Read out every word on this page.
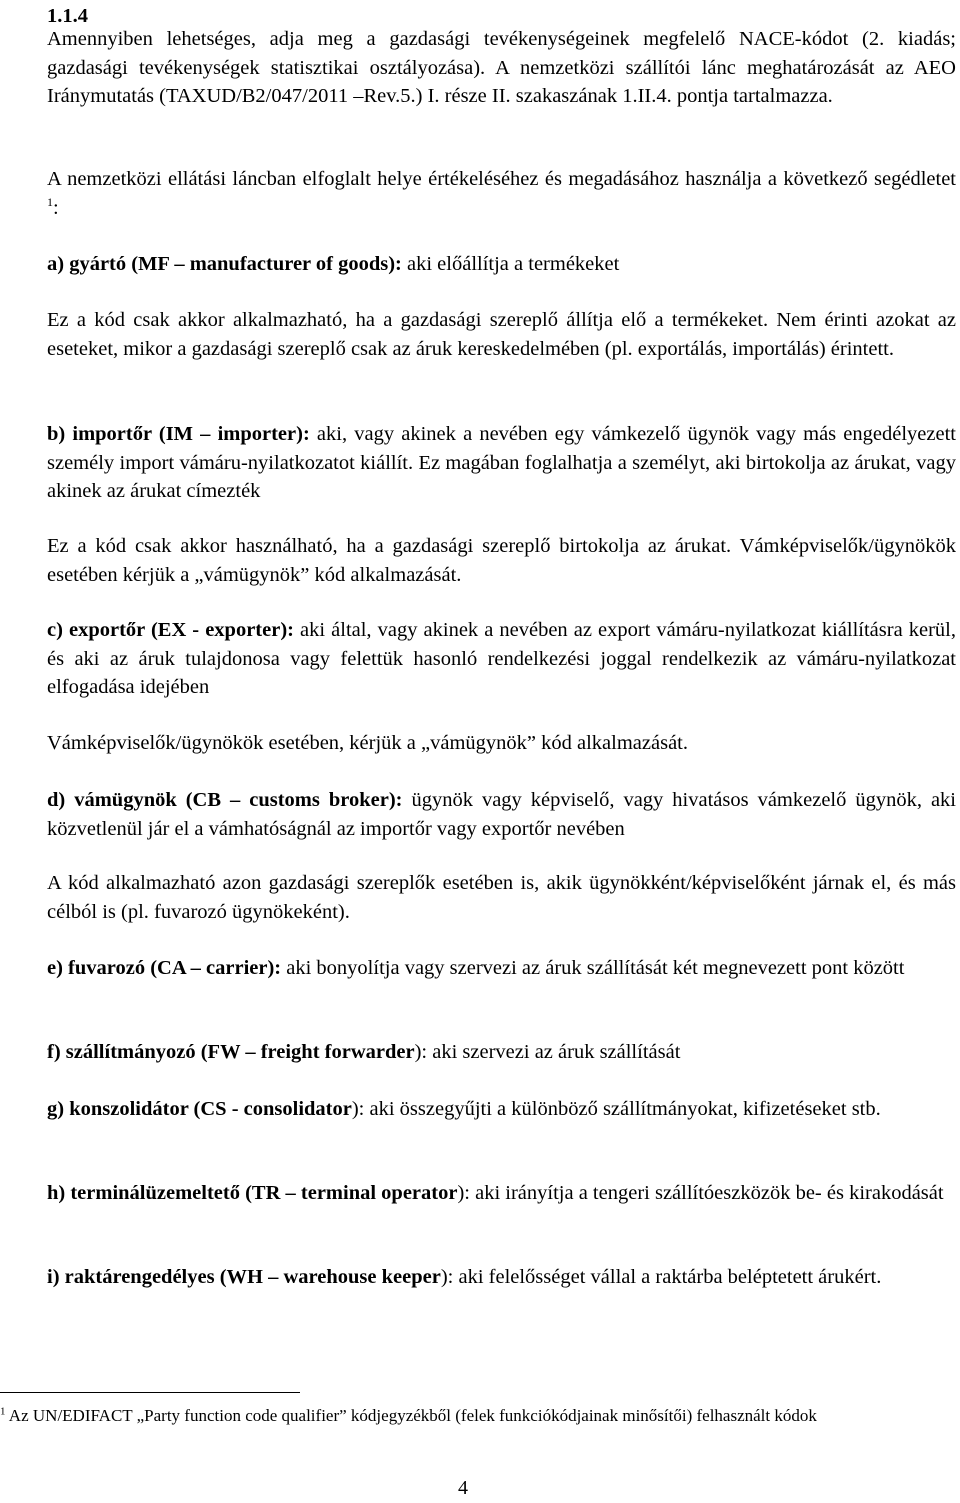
1.1.4

Amennyiben lehetséges, adja meg a gazdasági tevékenységeinek megfelelő NACE-kódot (2. kiadás; gazdasági tevékenységek statisztikai osztályozása). A nemzetközi szállítói lánc meghatározását az AEO Iránymutatás (TAXUD/B2/047/2011 –Rev.5.) I. része II. szakaszának 1.II.4. pontja tartalmazza.

A nemzetközi ellátási láncban elfoglalt helye értékeléséhez és megadásához használja a következő segédletet $^1$:

a) gyártó (MF – manufacturer of goods): aki előállítja a termékeket

Ez a kód csak akkor alkalmazható, ha a gazdasági szereplő állítja elő a termékeket. Nem érinti azokat az eseteket, mikor a gazdasági szereplő csak az áruk kereskedelmében (pl. exportálás, importálás) érintett.

b) importőr (IM – importer): aki, vagy akinek a nevében egy vámkezelő ügynök vagy más engedélyezett személy import vámáru-nyilatkozatot kiállít. Ez magában foglalhatja a személyt, aki birtokolja az árukat, vagy akinek az árukat címezték

Ez a kód csak akkor használható, ha a gazdasági szereplő birtokolja az árukat. Vámképviselők/ügynökök esetében kérjük a „vámügynök” kód alkalmazását.

c) exportőr (EX - exporter): aki által, vagy akinek a nevében az export vámáru-nyilatkozat kiállításra kerül, és aki az áruk tulajdonosa vagy felettük hasonló rendelkezési joggal rendelkezik az vámáru-nyilatkozat elfogadása idejében

Vámképviselők/ügynökök esetében, kérjük a „vámügynök” kód alkalmazását.

d) vámügynök (CB – customs broker): ügynök vagy képviselő, vagy hivatásos vámkezelő ügynök, aki közvetlenül jár el a vámhatóságnál az importőr vagy exportőr nevében

A kód alkalmazható azon gazdasági szereplők esetében is, akik ügynökként/képviselőként járnak el, és más célból is (pl. fuvarozó ügynökeként).

e) fuvarozó (CA – carrier): aki bonyolítja vagy szervezi az áruk szállítását két megnevezett pont között

f) szállítmányozó (FW – freight forwarder): aki szervezi az áruk szállítását

g) konszolidátor (CS - consolidator): aki összegyűjti a különböző szállítmányokat, kifizetéseket stb.

h) terminálüzemeltető (TR – terminal operator): aki irányítja a tengeri szállítóeszközök be- és kirakodását

i) raktárengedélyes (WH – warehouse keeper): aki felelősséget vállal a raktárba beléptetett árukért.

$^1$ Az UN/EDIFACT „Party function code qualifier” kódjegyzékből (felek funkciókódjainak minősítői) felhasznált kódok
4
